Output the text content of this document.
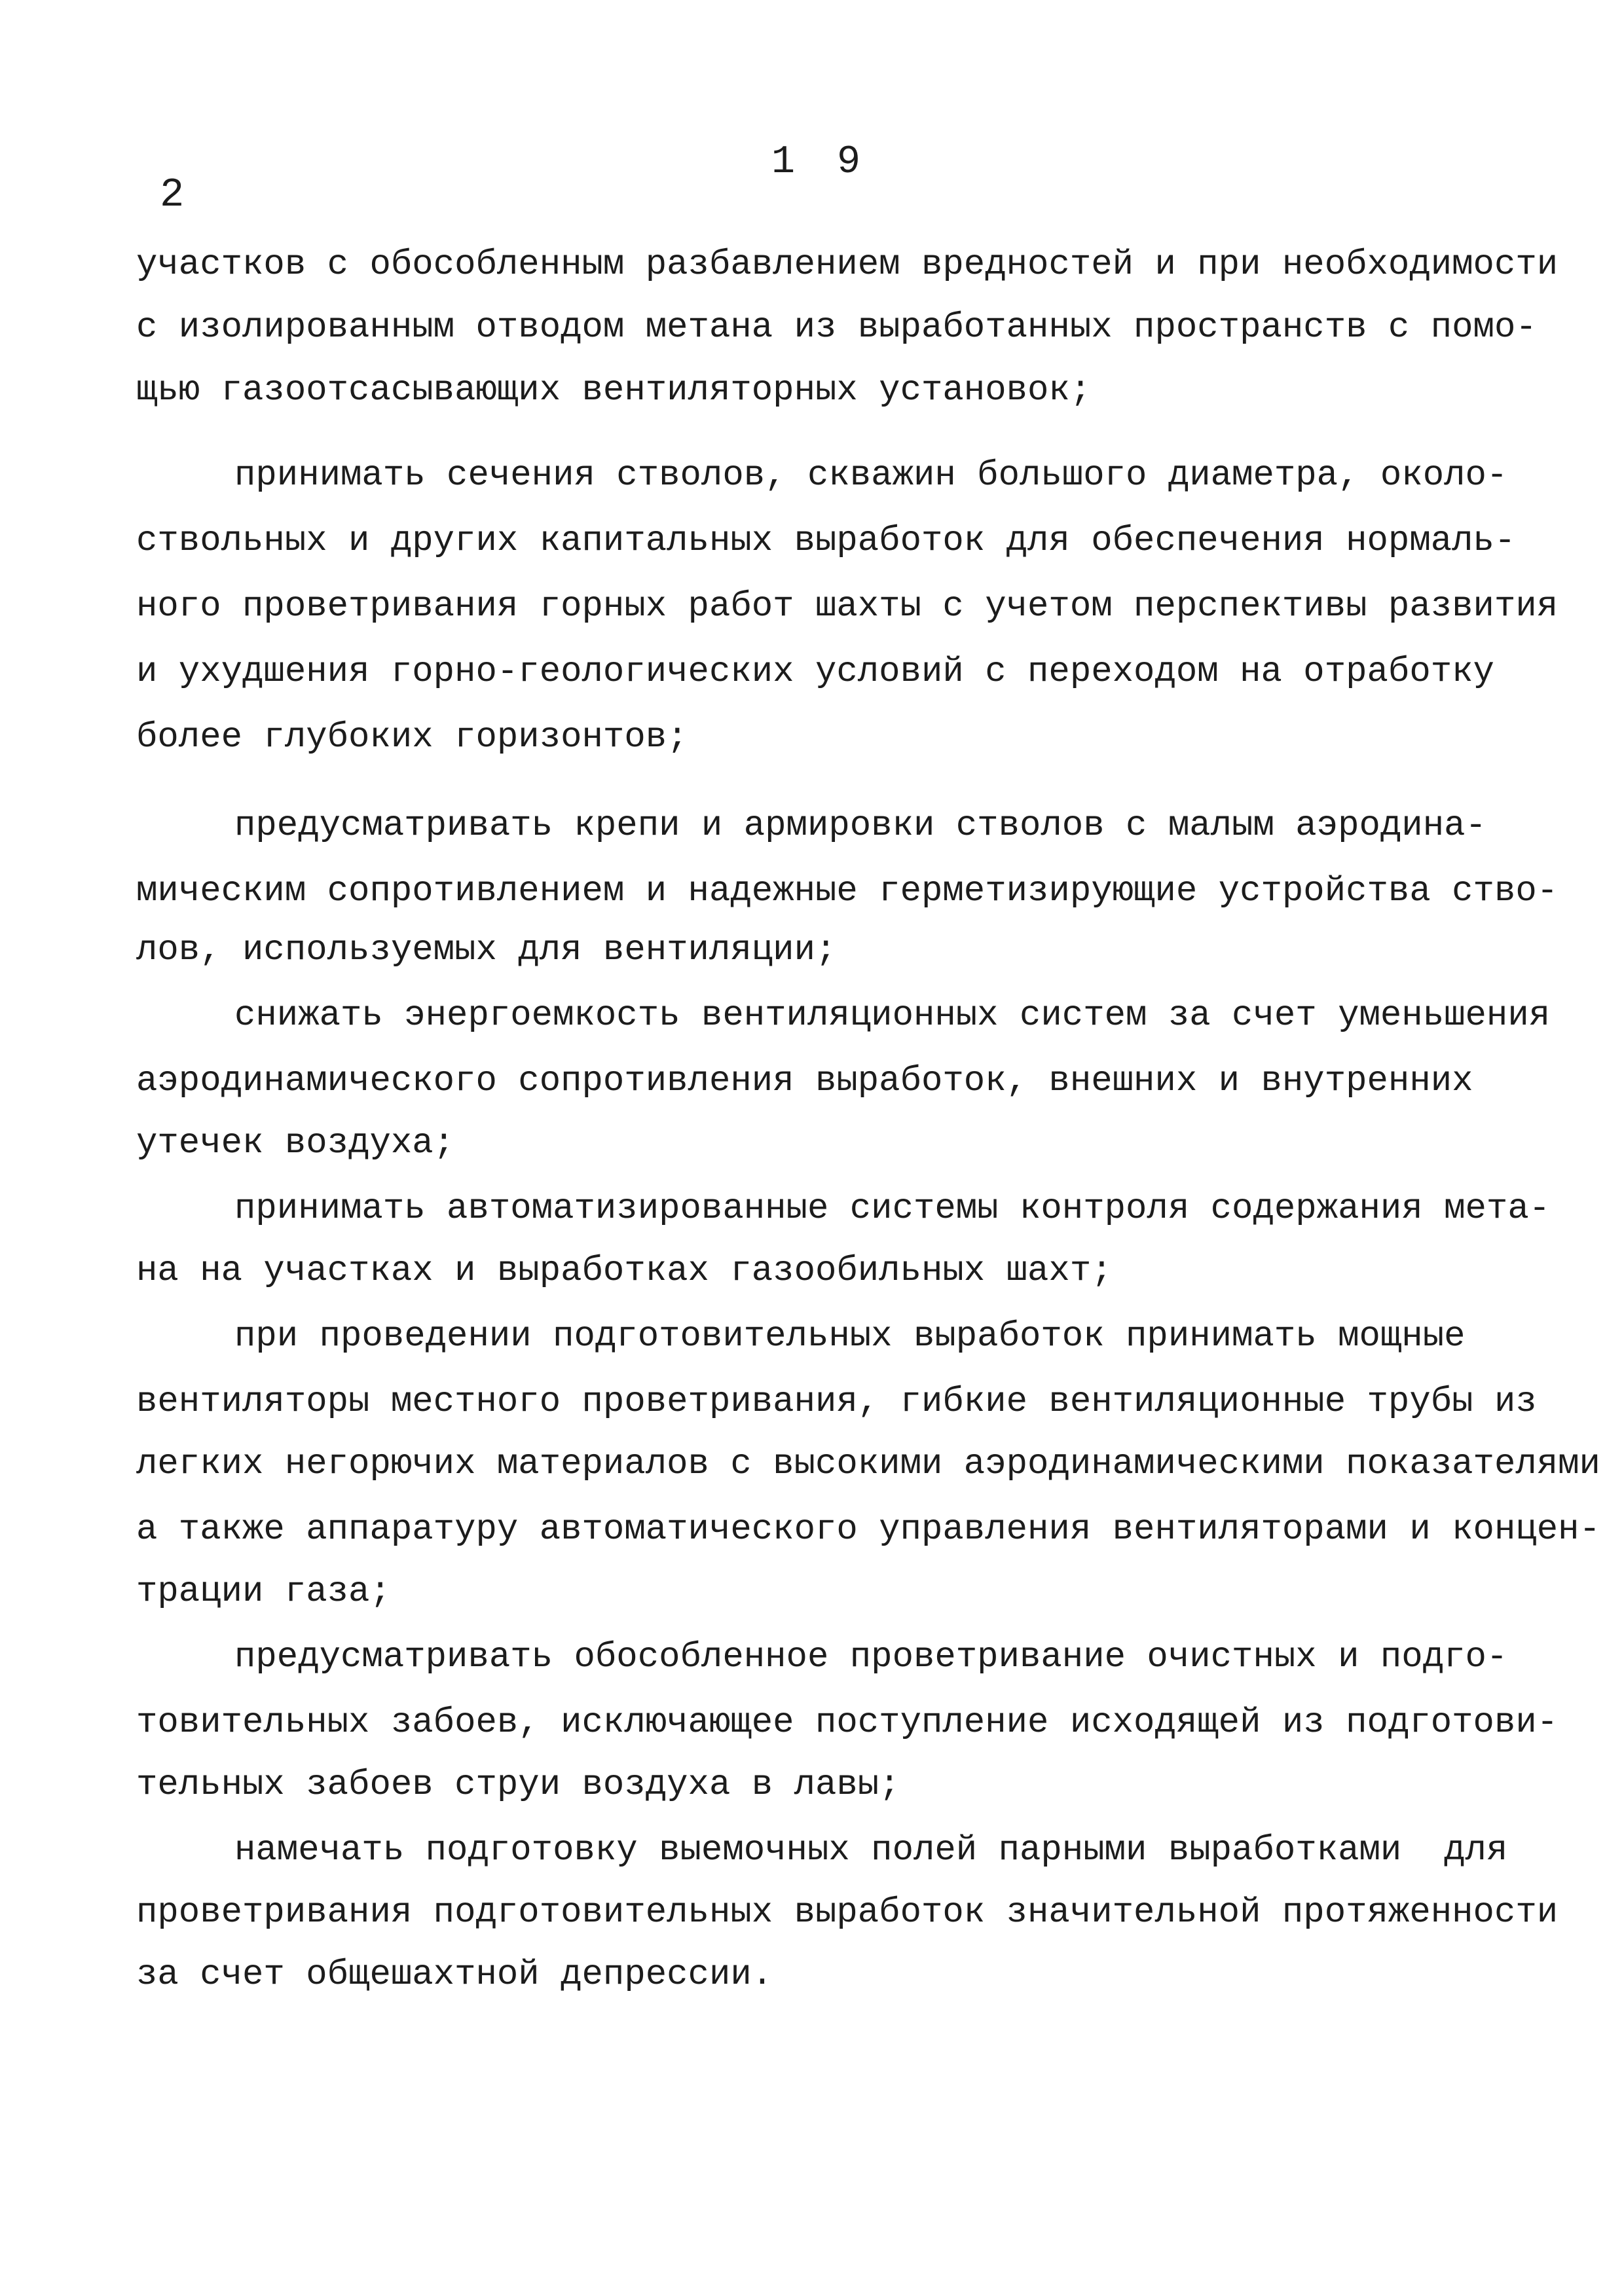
1 9
2
участков с обособленным разбавлением вредностей и при необходимости
с изолированным отводом метана из выработанных пространств с помо-
щью газоотсасывающих вентиляторных установок;
принимать сечения стволов, скважин большого диаметра, около-
ствольных и других капитальных выработок для обеспечения нормаль-
ного проветривания горных работ шахты с учетом перспективы развития
и ухудшения горно-геологических условий с переходом на отработку
более глубоких горизонтов;
предусматривать крепи и армировки стволов с малым аэродина-
мическим сопротивлением и надежные герметизирующие устройства ство-
лов, используемых для вентиляции;
снижать энергоемкость вентиляционных систем за счет уменьшения
аэродинамического сопротивления выработок, внешних и внутренних
утечек воздуха;
принимать автоматизированные системы контроля содержания мета-
на на участках и выработках газообильных шахт;
при проведении подготовительных выработок принимать мощные
вентиляторы местного проветривания, гибкие вентиляционные трубы из
легких негорючих материалов с высокими аэродинамическими показателями
а также аппаратуру автоматического управления вентиляторами и концен-
трации газа;
предусматривать обособленное проветривание очистных и подго-
товительных забоев, исключающее поступление исходящей из подготови-
тельных забоев струи воздуха в лавы;
намечать подготовку выемочных полей парными выработками  для
проветривания подготовительных выработок значительной протяженности
за счет общешахтной депрессии.
